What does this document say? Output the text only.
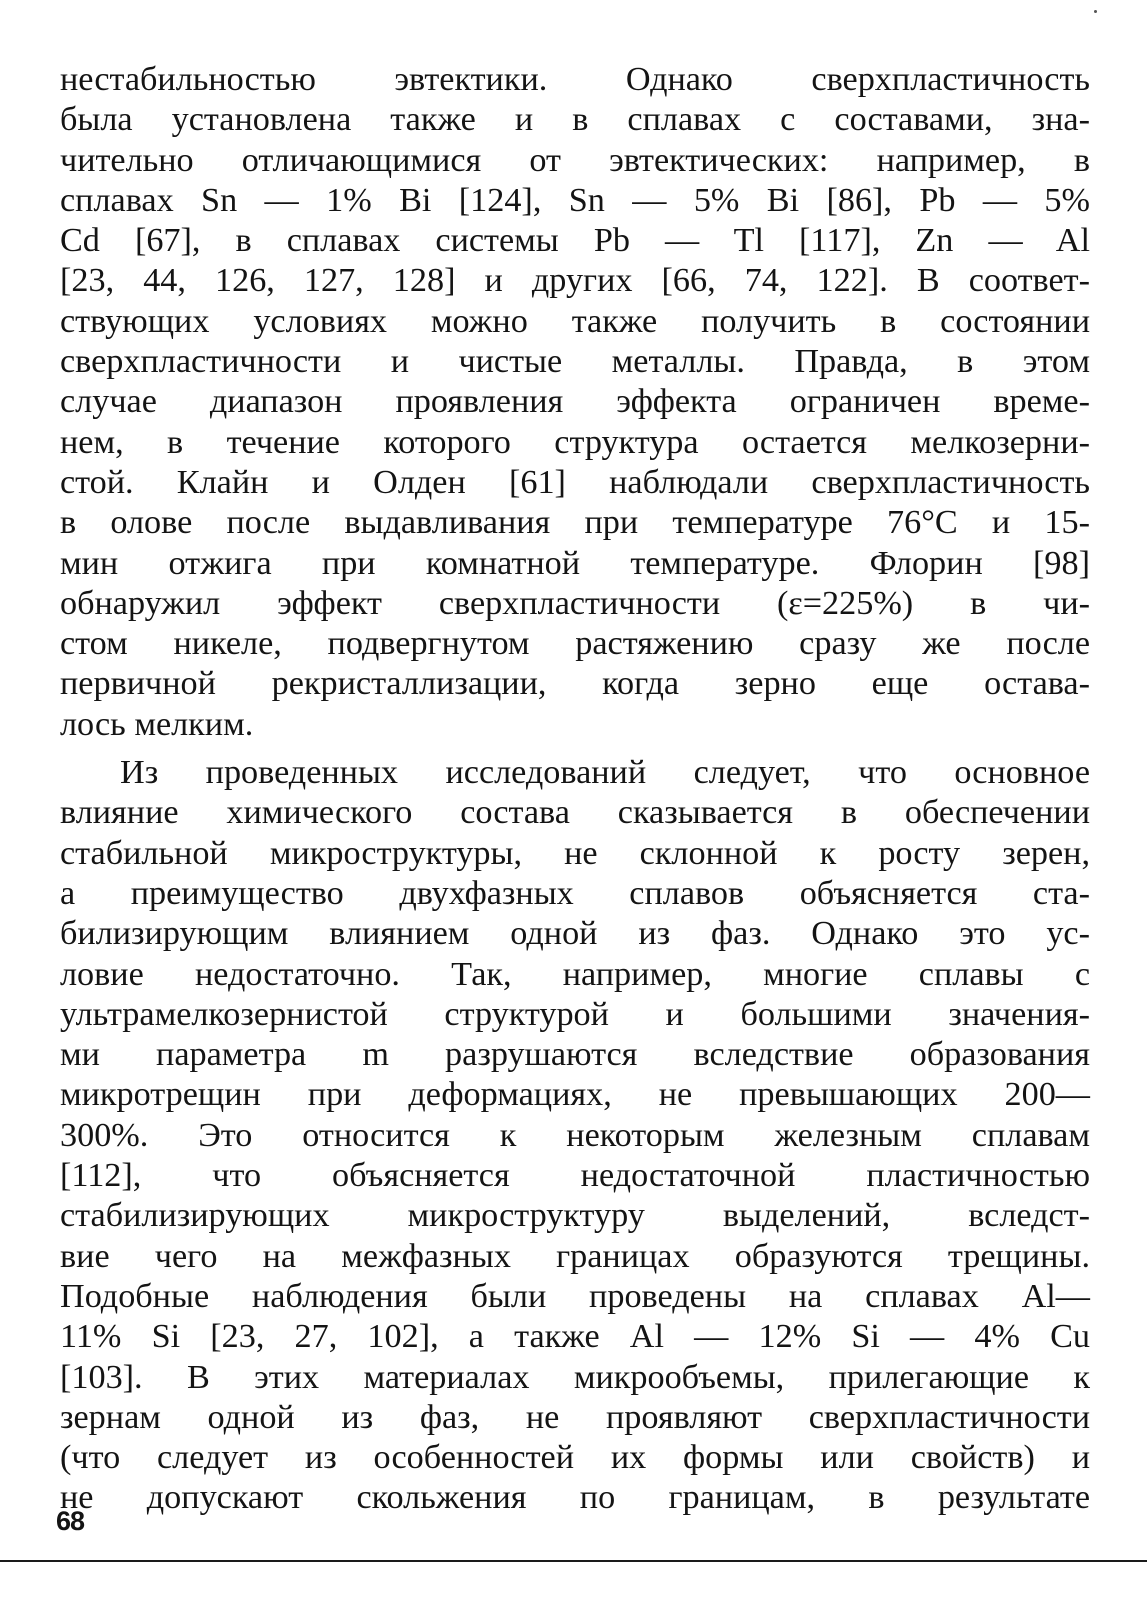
нестабильностью эвтектики. Однако сверхпластичность
была установлена также и в сплавах с составами, зна-
чительно отличающимися от эвтектических: например, в
сплавах Sn — 1% Bi [124], Sn — 5% Bi [86], Pb — 5%
Cd [67], в сплавах системы Pb — Tl [117], Zn — Al
[23, 44, 126, 127, 128] и других [66, 74, 122]. В соответ-
ствующих условиях можно также получить в состоянии
сверхпластичности и чистые металлы. Правда, в этом
случае диапазон проявления эффекта ограничен време-
нем, в течение которого структура остается мелкозерни-
стой. Клайн и Олден [61] наблюдали сверхпластичность
в олове после выдавливания при температуре 76°С и 15-
мин отжига при комнатной температуре. Флорин [98]
обнаружил эффект сверхпластичности (ε=225%) в чи-
стом никеле, подвергнутом растяжению сразу же после
первичной рекристаллизации, когда зерно еще остава-
лось мелким.

Из проведенных исследований следует, что основное
влияние химического состава сказывается в обеспечении
стабильной микроструктуры, не склонной к росту зерен,
а преимущество двухфазных сплавов объясняется ста-
билизирующим влиянием одной из фаз. Однако это ус-
ловие недостаточно. Так, например, многие сплавы с
ультрамелкозернистой структурой и большими значения-
ми параметра m разрушаются вследствие образования
микротрещин при деформациях, не превышающих 200—
300%. Это относится к некоторым железным сплавам
[112], что объясняется недостаточной пластичностью
стабилизирующих микроструктуру выделений, вследст-
вие чего на межфазных границах образуются трещины.
Подобные наблюдения были проведены на сплавах Al—
11% Si [23, 27, 102], а также Al — 12% Si — 4% Cu
[103]. В этих материалах микрообъемы, прилегающие к
зернам одной из фаз, не проявляют сверхпластичности
(что следует из особенностей их формы или свойств) и
не допускают скольжения по границам, в результате

68
